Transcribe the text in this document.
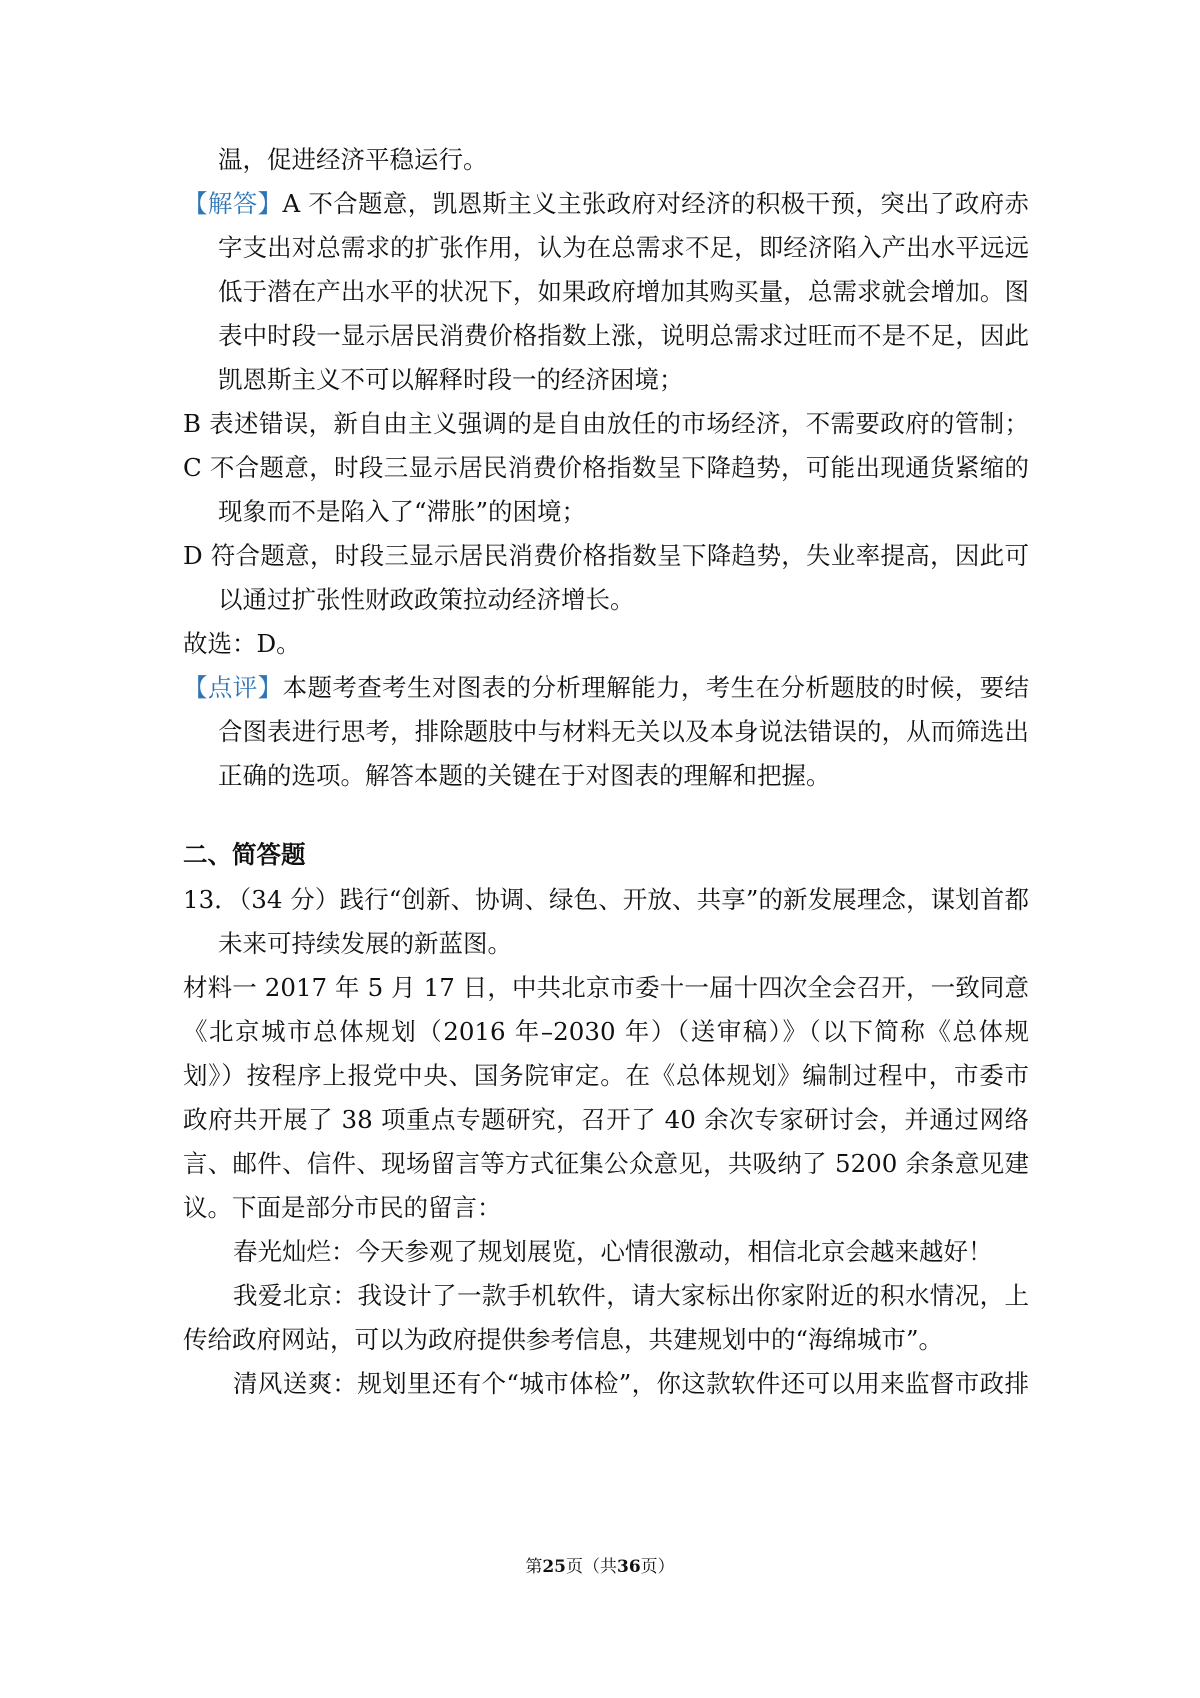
温，促进经济平稳运行。
【解答】A 不合题意，凯恩斯主义主张政府对经济的积极干预，突出了政府赤
字支出对总需求的扩张作用，认为在总需求不足，即经济陷入产出水平远远
低于潜在产出水平的状况下，如果政府增加其购买量，总需求就会增加。图
表中时段一显示居民消费价格指数上涨，说明总需求过旺而不是不足，因此
凯恩斯主义不可以解释时段一的经济困境；
B 表述错误，新自由主义强调的是自由放任的市场经济，不需要政府的管制；
C 不合题意，时段三显示居民消费价格指数呈下降趋势，可能出现通货紧缩的
现象而不是陷入了“滞胀”的困境；
D 符合题意，时段三显示居民消费价格指数呈下降趋势，失业率提高，因此可
以通过扩张性财政政策拉动经济增长。
故选：D。
【点评】本题考查考生对图表的分析理解能力，考生在分析题肢的时候，要结
合图表进行思考，排除题肢中与材料无关以及本身说法错误的，从而筛选出
正确的选项。解答本题的关键在于对图表的理解和把握。
二、简答题
13．（34 分）践行“创新、协调、绿色、开放、共享”的新发展理念，谋划首都
未来可持续发展的新蓝图。
材料一 2017 年 5 月 17 日，中共北京市委十一届十四次全会召开，一致同意
《北京城市总体规划（2016 年–2030 年）（送审稿）》（以下简称《总体规
划》）按程序上报党中央、国务院审定。在《总体规划》编制过程中，市委市
政府共开展了 38 项重点专题研究，召开了 40 余次专家研讨会，并通过网络
言、邮件、信件、现场留言等方式征集公众意见，共吸纳了 5200 余条意见建
议。下面是部分市民的留言：
春光灿烂：今天参观了规划展览，心情很激动，相信北京会越来越好！
我爱北京：我设计了一款手机软件，请大家标出你家附近的积水情况，上
传给政府网站，可以为政府提供参考信息，共建规划中的“海绵城市”。
清风送爽：规划里还有个“城市体检”，你这款软件还可以用来监督市政排
第25页（共36页）
